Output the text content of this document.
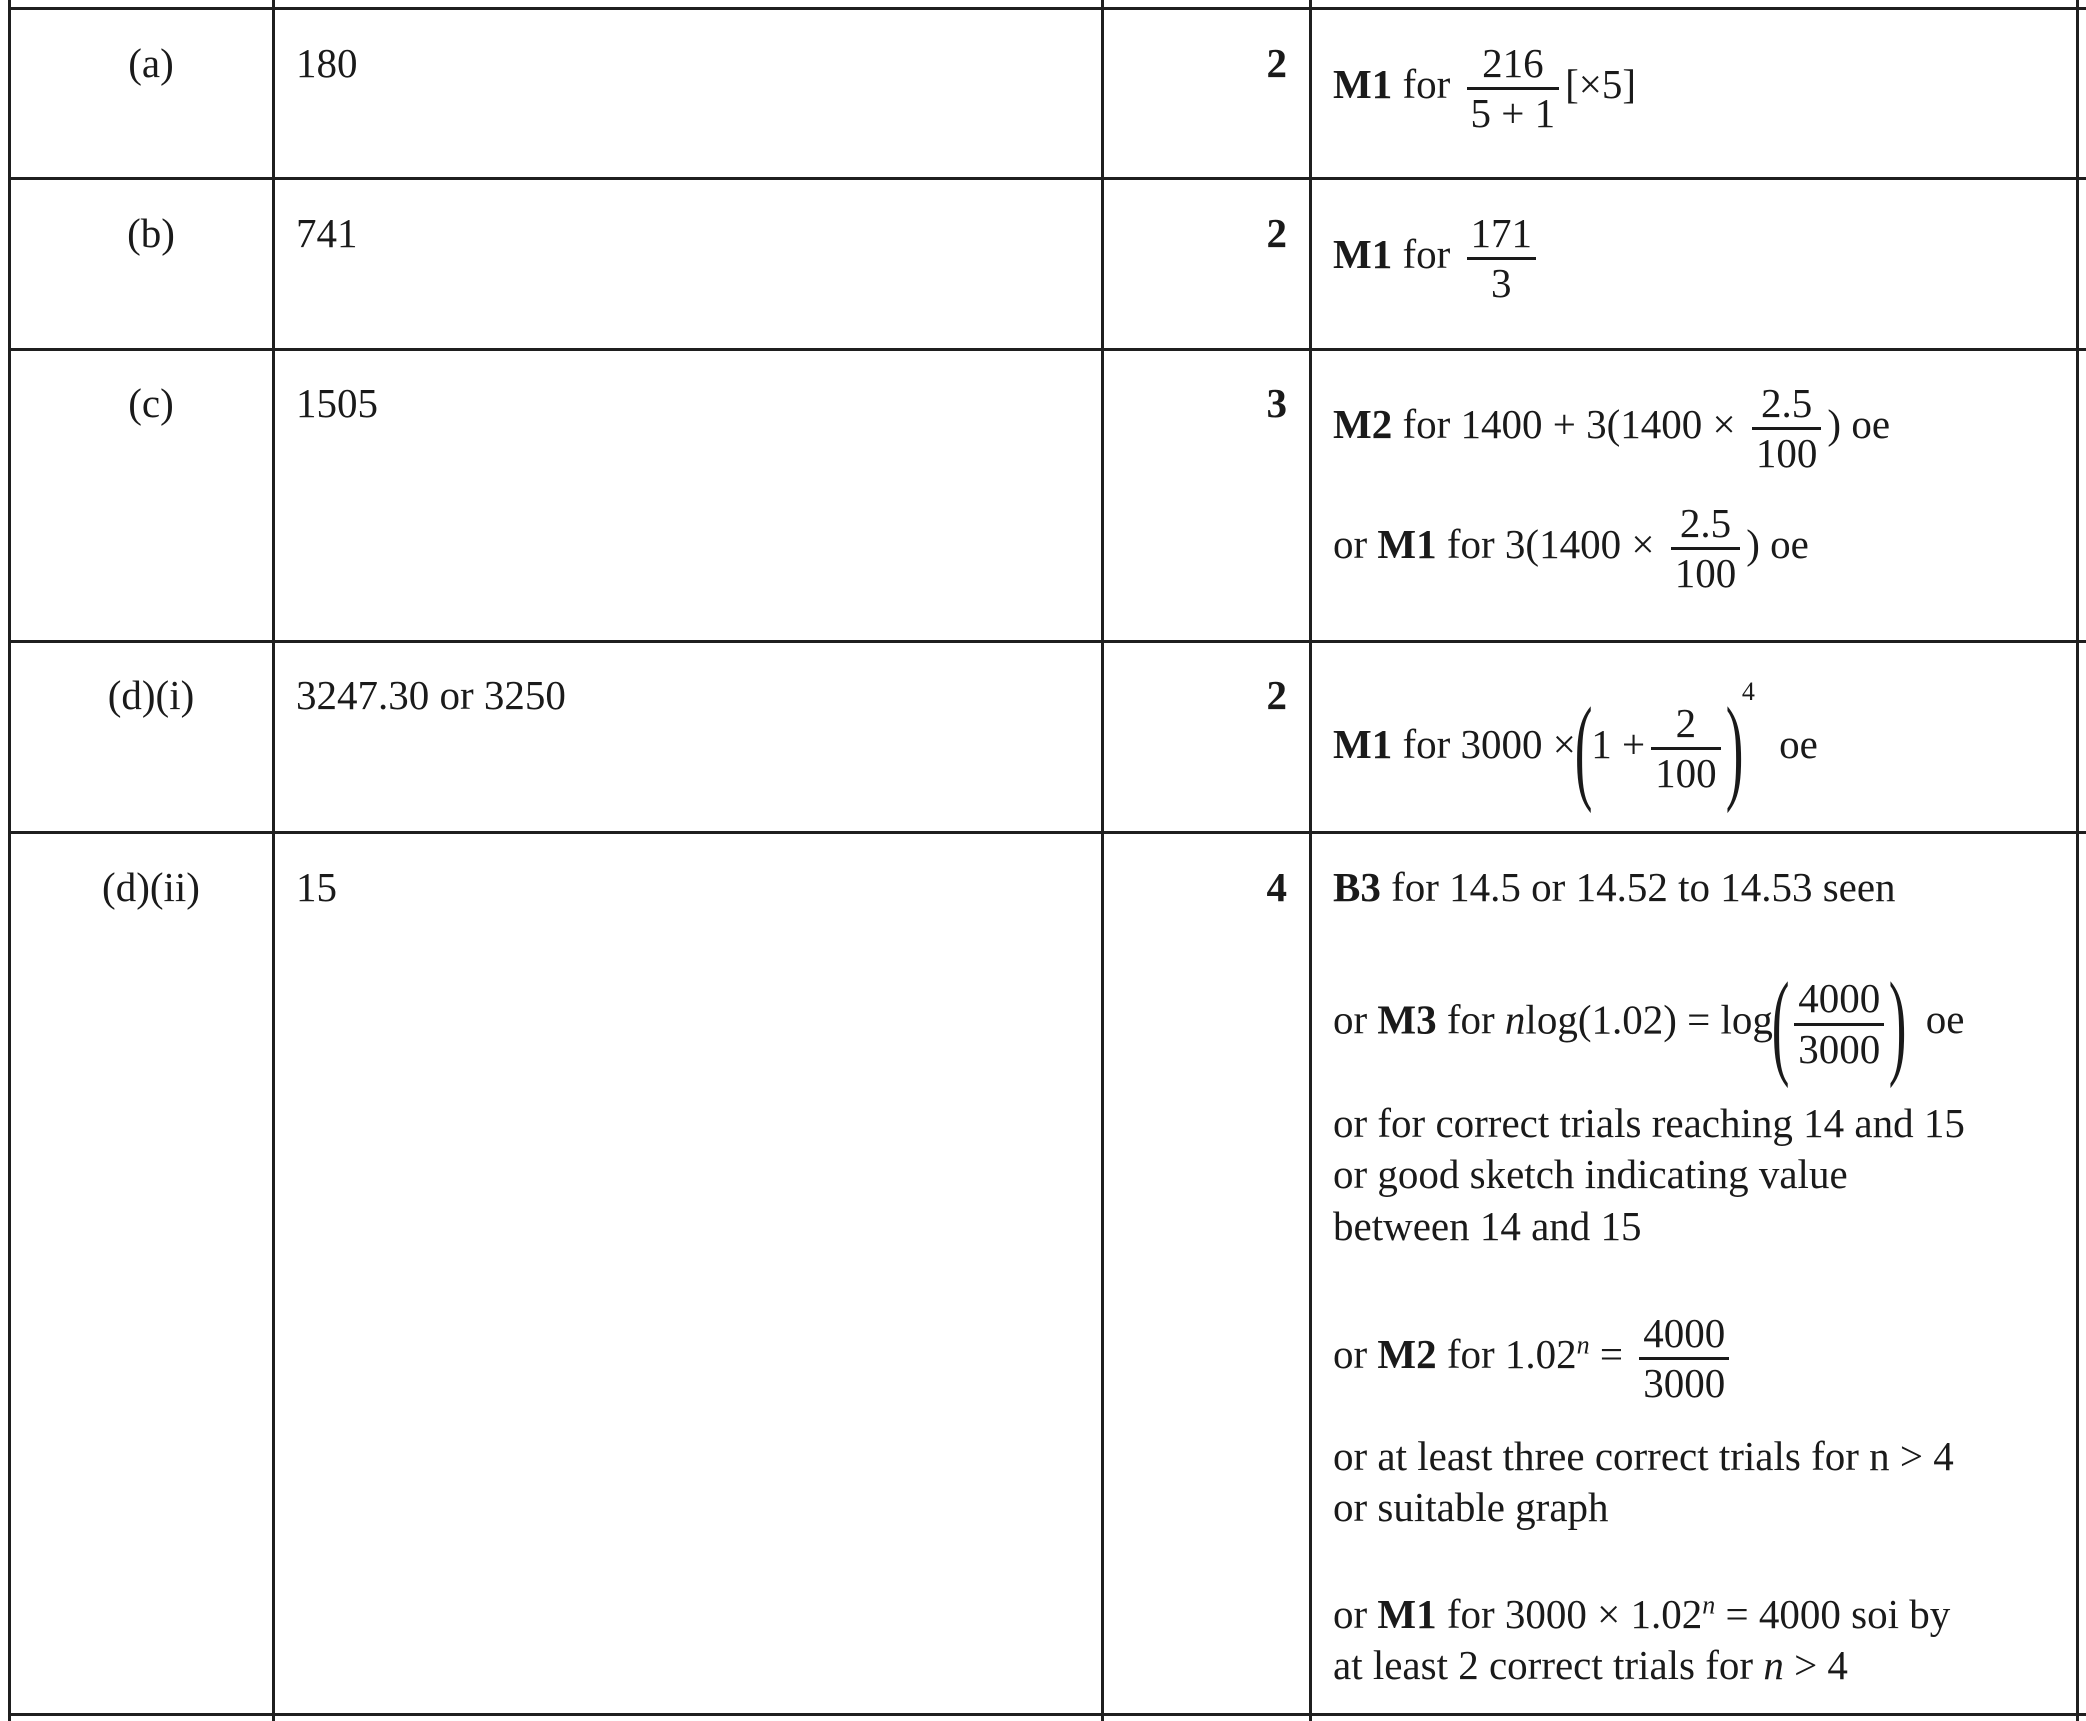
(a)	180	2 M1 for $\frac{216}{5 + 1} [\times 5]$
(b)	741	2 M1 for $\frac{171}{3}$
(c)	1505	3 M2 for $1400 + 3(1400 \times \frac{2.5}{100}$ ) oe
or M1 for $3(1400 \times \frac{2.5}{100}$ ) oe
(d)(i)	3247.30 or 3250	2
M1 for $3000 \times(1 + \frac{2}{100} )^4$ oe
(d)(ii)	15	4 B3 for 14.5 or 14.52 to 14.53 seen
or M3 for $nlog(1.02) = \log( \frac{4000}{3000}$ ) oe
or for correct trials reaching 14 and 15
or good sketch indicating value
between 14 and 15
or M2 for $1.02^n = \frac{4000}{3000}$
or at least three correct trials for n > 4
or suitable graph
or M1 for $3000 \times 1.02^n = 4000$ soi by
at least 2 correct trials for n > 4
